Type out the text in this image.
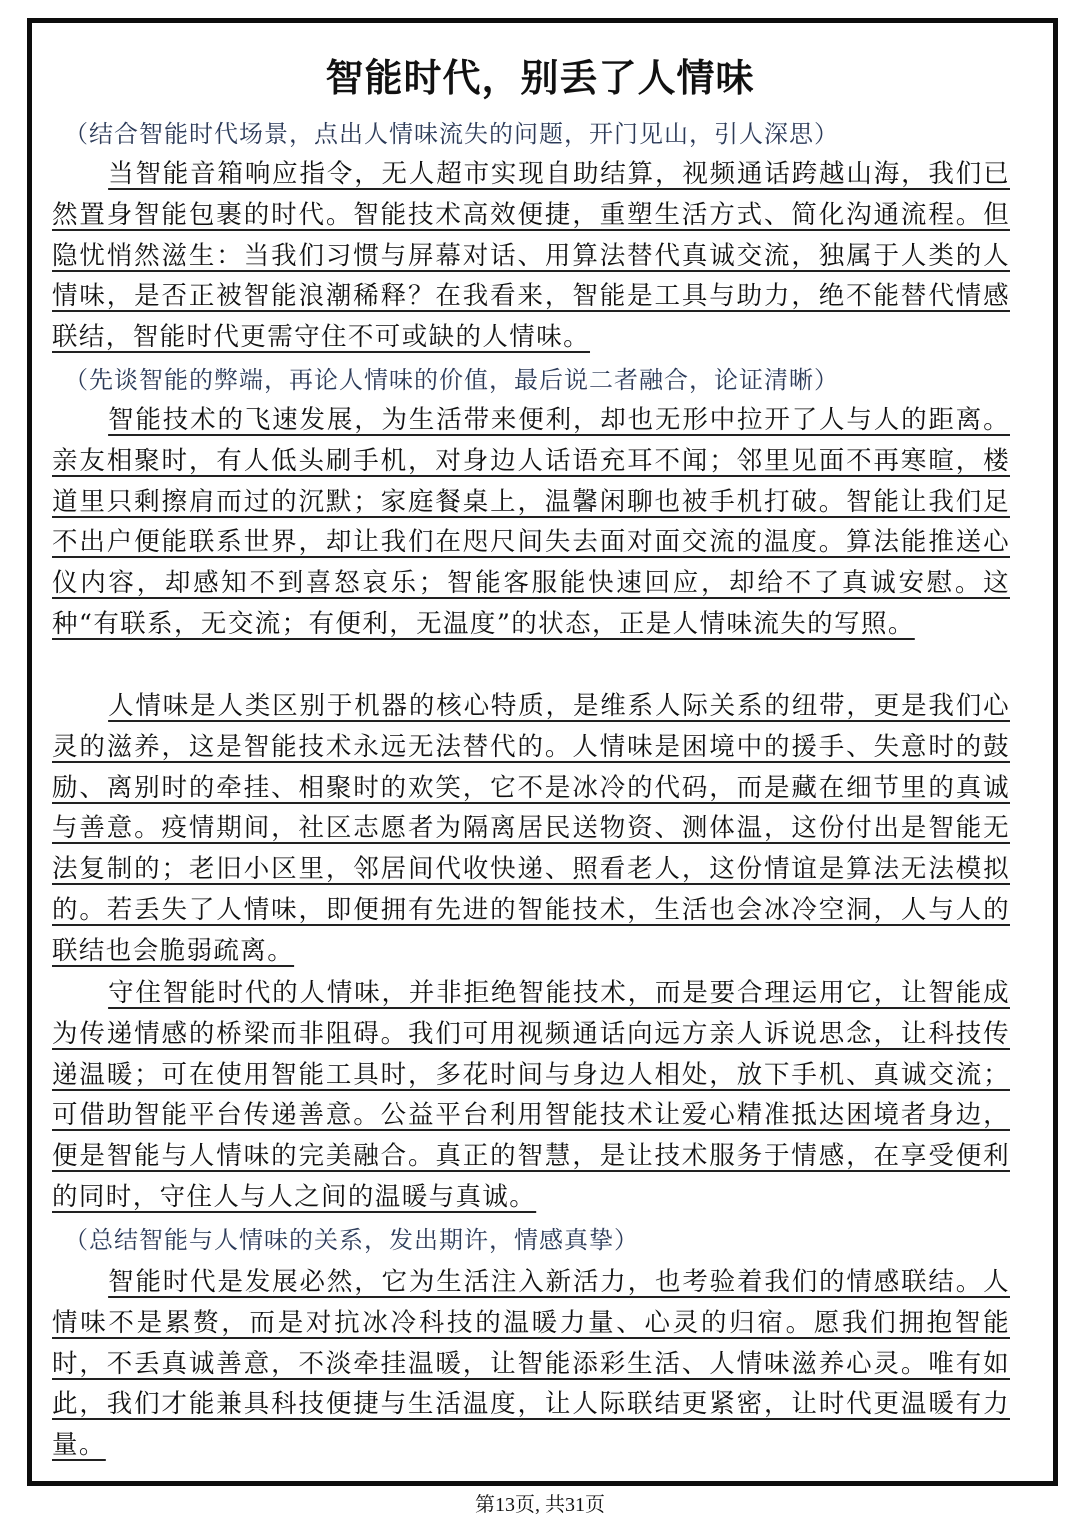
智能时代，别丢了人情味
（结合智能时代场景，点出人情味流失的问题，开门见山，引人深思）
当智能音箱响应指令，无人超市实现自助结算，视频通话跨越山海，我们已然置身智能包裹的时代。智能技术高效便捷，重塑生活方式、简化沟通流程。但隐忧悄然滋生：当我们习惯与屏幕对话、用算法替代真诚交流，独属于人类的人情味，是否正被智能浪潮稀释？在我看来，智能是工具与助力，绝不能替代情感联结，智能时代更需守住不可或缺的人情味。
（先谈智能的弊端，再论人情味的价值，最后说二者融合，论证清晰）
智能技术的飞速发展，为生活带来便利，却也无形中拉开了人与人的距离。亲友相聚时，有人低头刷手机，对身边人话语充耳不闻；邻里见面不再寒暄，楼道里只剩擦肩而过的沉默；家庭餐桌上，温馨闲聊也被手机打破。智能让我们足不出户便能联系世界，却让我们在咫尺间失去面对面交流的温度。算法能推送心仪内容，却感知不到喜怒哀乐；智能客服能快速回应，却给不了真诚安慰。这种“有联系，无交流；有便利，无温度”的状态，正是人情味流失的写照。
人情味是人类区别于机器的核心特质，是维系人际关系的纽带，更是我们心灵的滋养，这是智能技术永远无法替代的。人情味是困境中的援手、失意时的鼓励、离别时的牵挂、相聚时的欢笑，它不是冰冷的代码，而是藏在细节里的真诚与善意。疫情期间，社区志愿者为隔离居民送物资、测体温，这份付出是智能无法复制的；老旧小区里，邻居间代收快递、照看老人，这份情谊是算法无法模拟的。若丢失了人情味，即便拥有先进的智能技术，生活也会冰冷空洞，人与人的联结也会脆弱疏离。
守住智能时代的人情味，并非拒绝智能技术，而是要合理运用它，让智能成为传递情感的桥梁而非阻碍。我们可用视频通话向远方亲人诉说思念，让科技传递温暖；可在使用智能工具时，多花时间与身边人相处，放下手机、真诚交流；可借助智能平台传递善意。公益平台利用智能技术让爱心精准抵达困境者身边，便是智能与人情味的完美融合。真正的智慧，是让技术服务于情感，在享受便利的同时，守住人与人之间的温暖与真诚。
（总结智能与人情味的关系，发出期许，情感真挚）
智能时代是发展必然，它为生活注入新活力，也考验着我们的情感联结。人情味不是累赘，而是对抗冰冷科技的温暖力量、心灵的归宿。愿我们拥抱智能时，不丢真诚善意，不淡牵挂温暖，让智能添彩生活、人情味滋养心灵。唯有如此，我们才能兼具科技便捷与生活温度，让人际联结更紧密，让时代更温暖有力量。
第13页, 共31页
